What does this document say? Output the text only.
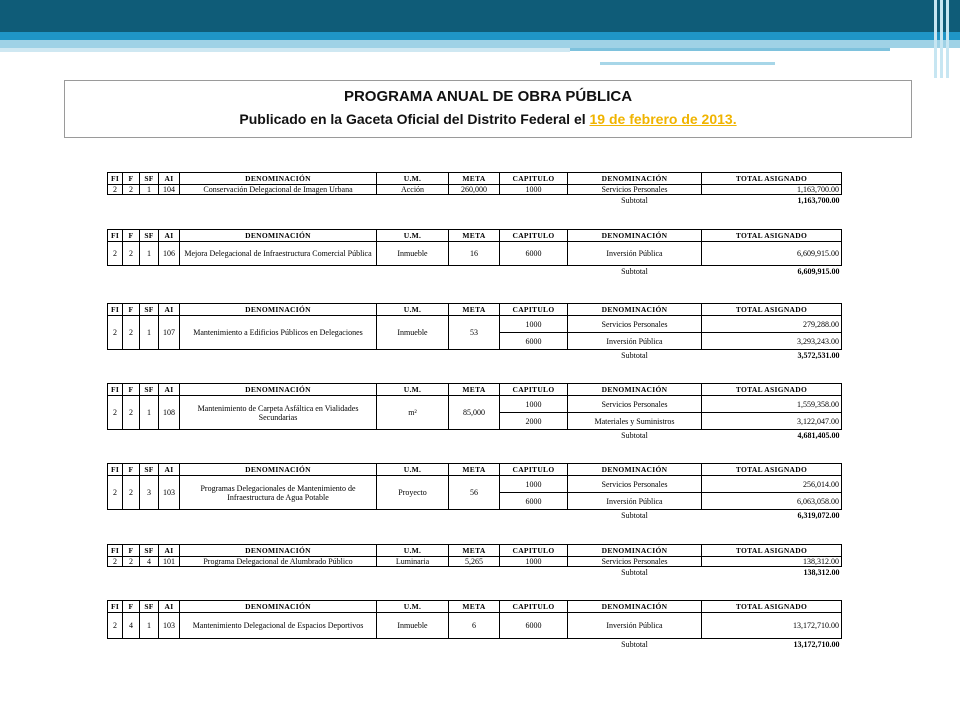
PROGRAMA ANUAL DE OBRA PÚBLICA
Publicado en la Gaceta Oficial del Distrito Federal el 19 de febrero de 2013.
FI	F	SF	AI	DENOMINACIÓN	U.M.	META	CAPITULO	DENOMINACIÓN	TOTAL ASIGNADO
2	2	1	104	Conservación Delegacional de Imagen Urbana	Acción	260,000	1000	Servicios Personales	1,163,700.00
								Subtotal	1,163,700.00
FI	F	SF	AI	DENOMINACIÓN	U.M.	META	CAPITULO	DENOMINACIÓN	TOTAL ASIGNADO
2	2	1	106	Mejora Delegacional de Infraestructura Comercial Pública	Inmueble	16	6000	Inversión Pública	6,609,915.00
								Subtotal	6,609,915.00
FI	F	SF	AI	DENOMINACIÓN	U.M.	META	CAPITULO	DENOMINACIÓN	TOTAL ASIGNADO
2	2	1	107	Mantenimiento a Edificios Públicos en Delegaciones	Inmueble	53	1000	Servicios Personales	279,288.00
							6000	Inversión Pública	3,293,243.00
								Subtotal	3,572,531.00
FI	F	SF	AI	DENOMINACIÓN	U.M.	META	CAPITULO	DENOMINACIÓN	TOTAL ASIGNADO
2	2	1	108	Mantenimiento de Carpeta Asfáltica en Vialidades Secundarias	m²	85,000	1000	Servicios Personales	1,559,358.00
							2000	Materiales y Suministros	3,122,047.00
								Subtotal	4,681,405.00
FI	F	SF	AI	DENOMINACIÓN	U.M.	META	CAPITULO	DENOMINACIÓN	TOTAL ASIGNADO
2	2	3	103	Programas Delegacionales de Mantenimiento de Infraestructura de Agua Potable	Proyecto	56	1000	Servicios Personales	256,014.00
							6000	Inversión Pública	6,063,058.00
								Subtotal	6,319,072.00
FI	F	SF	AI	DENOMINACIÓN	U.M.	META	CAPITULO	DENOMINACIÓN	TOTAL ASIGNADO
2	2	4	101	Programa Delegacional de Alumbrado Público	Luminaria	5,265	1000	Servicios Personales	138,312.00
								Subtotal	138,312.00
FI	F	SF	AI	DENOMINACIÓN	U.M.	META	CAPITULO	DENOMINACIÓN	TOTAL ASIGNADO
2	4	1	103	Mantenimiento Delegacional de Espacios Deportivos	Inmueble	6	6000	Inversión Pública	13,172,710.00
								Subtotal	13,172,710.00
